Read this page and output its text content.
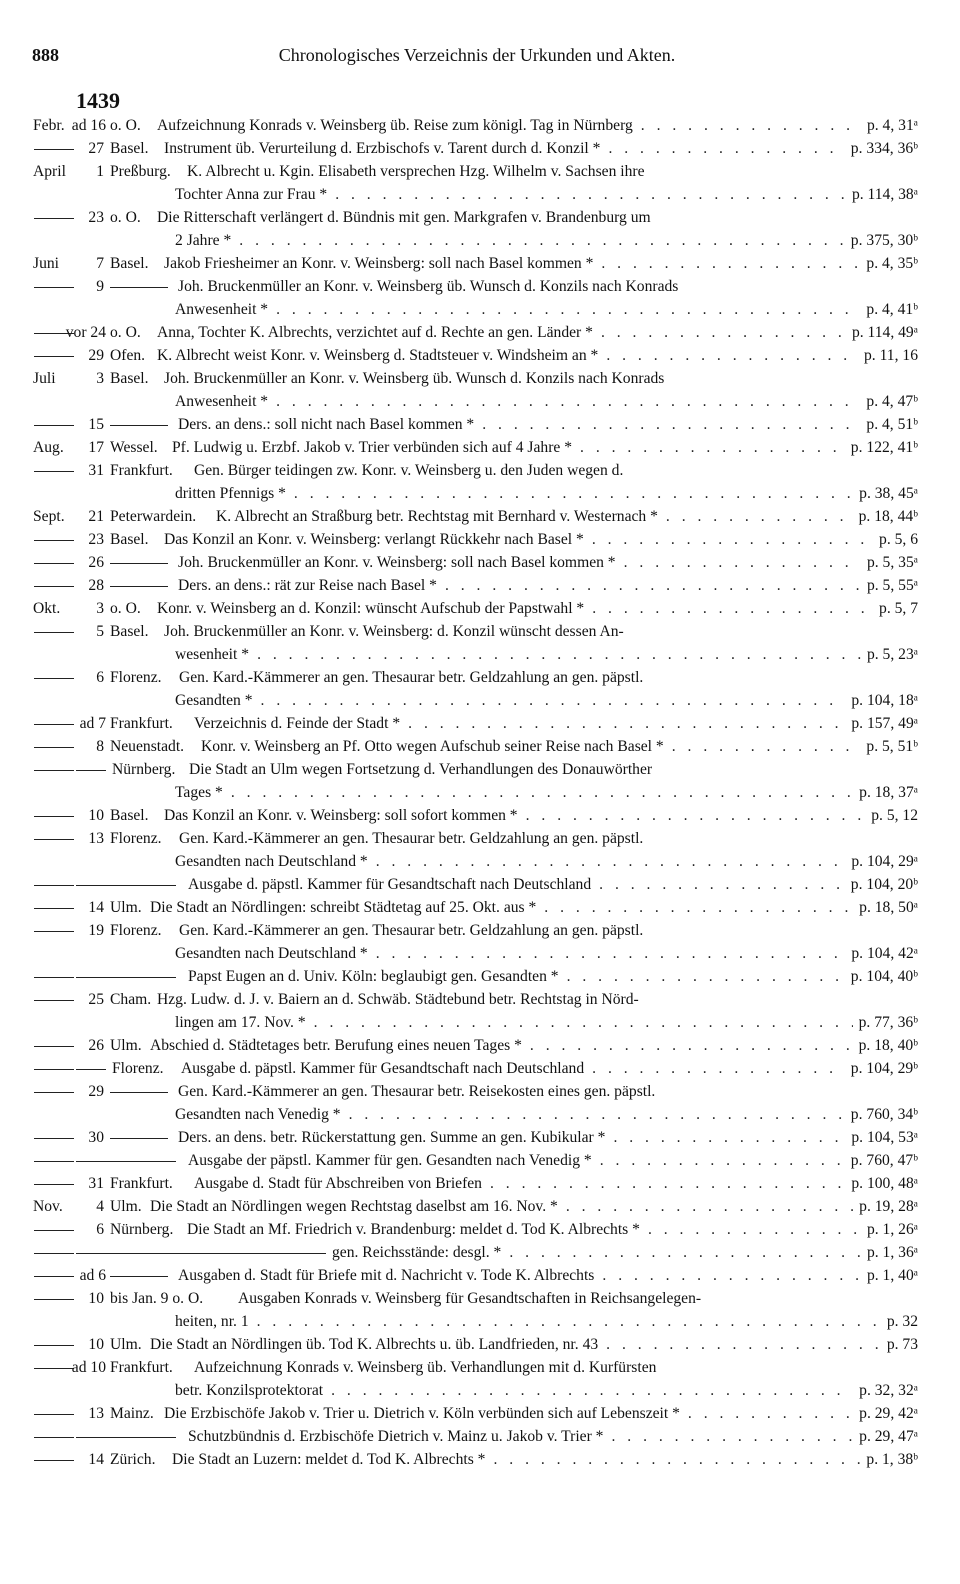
888	Chronologisches Verzeichnis der Urkunden und Akten.
1439
Febr. ad 16 o. O. Aufzeichnung Konrads v. Weinsberg üb. Reise zum königl. Tag in Nürnberg . . .	p. 4, 31ᵃ
27 Basel. Instrument üb. Verurteilung d. Erzbischofs v. Tarent durch d. Konzil * . . .	p. 334, 36ᵇ
April	1 Preßburg. K. Albrecht u. Kgin. Elisabeth versprechen Hzg. Wilhelm v. Sachsen ihre
Tochter Anna zur Frau * . . .	p. 114, 38ᵃ
23 o. O. Die Ritterschaft verlängert d. Bündnis mit gen. Markgrafen v. Brandenburg um
2 Jahre * . . .	p. 375, 30ᵇ
Juni	7 Basel. Jakob Friesheimer an Konr. v. Weinsberg: soll nach Basel kommen * . . .	p. 4, 35ᵇ
9	Joh. Bruckenmüller an Konr. v. Weinsberg üb. Wunsch d. Konzils nach Konrads
Anwesenheit * . . .	p. 4, 41ᵇ
vor 24 o. O. Anna, Tochter K. Albrechts, verzichtet auf d. Rechte an gen. Länder * . . .	p. 114, 49ᵃ
29 Ofen. K. Albrecht weist Konr. v. Weinsberg d. Stadtsteuer v. Windsheim an * . . .	p. 11, 16
Juli	3 Basel. Joh. Bruckenmüller an Konr. v. Weinsberg üb. Wunsch d. Konzils nach Konrads
Anwesenheit * . . .	p. 4, 47ᵇ
15	Ders. an dens.: soll nicht nach Basel kommen * . . .	p. 4, 51ᵇ
Aug.	17 Wessel. Pf. Ludwig u. Erzbf. Jakob v. Trier verbünden sich auf 4 Jahre * . . .	p. 122, 41ᵇ
31 Frankfurt. Gen. Bürger teidingen zw. Konr. v. Weinsberg u. den Juden wegen d.
dritten Pfennigs * . . .	p. 38, 45ᵃ
Sept.	21 Peterwardein. K. Albrecht an Straßburg betr. Rechtstag mit Bernhard v. Westernach * . . .	p. 18, 44ᵇ
23 Basel. Das Konzil an Konr. v. Weinsberg: verlangt Rückkehr nach Basel * . . .	p. 5, 6
26	Joh. Bruckenmüller an Konr. v. Weinsberg: soll nach Basel kommen * . . .	p. 5, 35ᵃ
28	Ders. an dens.: rät zur Reise nach Basel * . . .	p. 5, 55ᵃ
Okt.	3 o. O. Konr. v. Weinsberg an d. Konzil: wünscht Aufschub der Papstwahl * . . .	p. 5, 7
5 Basel. Joh. Bruckenmüller an Konr. v. Weinsberg: d. Konzil wünscht dessen An-
wesenheit * . . .	p. 5, 23ᵃ
6 Florenz. Gen. Kard.-Kämmerer an gen. Thesaurar betr. Geldzahlung an gen. päpstl.
Gesandten * . . .	p. 104, 18ᵃ
ad 7 Frankfurt. Verzeichnis d. Feinde der Stadt * . . .	p. 157, 49ᵃ
8 Neuenstadt. Konr. v. Weinsberg an Pf. Otto wegen Aufschub seiner Reise nach Basel * . . .	p. 5, 51ᵇ
Nürnberg. Die Stadt an Ulm wegen Fortsetzung d. Verhandlungen des Donauwörther
Tages * . . .	p. 18, 37ᵃ
10 Basel. Das Konzil an Konr. v. Weinsberg: soll sofort kommen * . . .	p. 5, 12
13 Florenz. Gen. Kard.-Kämmerer an gen. Thesaurar betr. Geldzahlung an gen. päpstl.
Gesandten nach Deutschland * . . .	p. 104, 29ᵃ
Ausgabe d. päpstl. Kammer für Gesandtschaft nach Deutschland . . .	p. 104, 20ᵇ
14 Ulm. Die Stadt an Nördlingen: schreibt Städtetag auf 25. Okt. aus * . . .	p. 18, 50ᵃ
19 Florenz. Gen. Kard.-Kämmerer an gen. Thesaurar betr. Geldzahlung an gen. päpstl.
Gesandten nach Deutschland * . . .	p. 104, 42ᵃ
Papst Eugen an d. Univ. Köln: beglaubigt gen. Gesandten * . . .	p. 104, 40ᵇ
25 Cham. Hzg. Ludw. d. J. v. Baiern an d. Schwäb. Städtebund betr. Rechtstag in Nörd-
lingen am 17. Nov. * . . .	p. 77, 36ᵇ
26 Ulm. Abschied d. Städtetages betr. Berufung eines neuen Tages * . . .	p. 18, 40ᵇ
Florenz. Ausgabe d. päpstl. Kammer für Gesandtschaft nach Deutschland . . .	p. 104, 29ᵇ
29	Gen. Kard.-Kämmerer an gen. Thesaurar betr. Reisekosten eines gen. päpstl.
Gesandten nach Venedig * . . .	p. 760, 34ᵇ
30	Ders. an dens. betr. Rückerstattung gen. Summe an gen. Kubikular * . . .	p. 104, 53ᵃ
Ausgabe der päpstl. Kammer für gen. Gesandten nach Venedig * . . .	p. 760, 47ᵇ
31 Frankfurt. Ausgabe d. Stadt für Abschreiben von Briefen . . .	p. 100, 48ᵃ
Nov.	4 Ulm. Die Stadt an Nördlingen wegen Rechtstag daselbst am 16. Nov. * . . .	p. 19, 28ᵃ
6 Nürnberg. Die Stadt an Mf. Friedrich v. Brandenburg: meldet d. Tod K. Albrechts * . . .	p. 1, 26ᵃ
gen. Reichsstände: desgl. * . . .	p. 1, 36ᵃ
ad 6	Ausgaben d. Stadt für Briefe mit d. Nachricht v. Tode K. Albrechts . . .	p. 1, 40ᵃ
10 bis Jan. 9 o. O. Ausgaben Konrads v. Weinsberg für Gesandtschaften in Reichsangelegen-
heiten, nr. 1 . . .	p. 32
10 Ulm. Die Stadt an Nördlingen üb. Tod K. Albrechts u. üb. Landfrieden, nr. 43 . . .	p. 73
ad 10 Frankfurt. Aufzeichnung Konrads v. Weinsberg üb. Verhandlungen mit d. Kurfürsten
betr. Konzilsprotektorat . . .	p. 32, 32ᵃ
13 Mainz. Die Erzbischöfe Jakob v. Trier u. Dietrich v. Köln verbünden sich auf Lebenszeit * . . .	p. 29, 42ᵃ
Schutzbündnis d. Erzbischöfe Dietrich v. Mainz u. Jakob v. Trier * . . .	p. 29, 47ᵃ
14 Zürich. Die Stadt an Luzern: meldet d. Tod K. Albrechts * . . .	p. 1, 38ᵇ
